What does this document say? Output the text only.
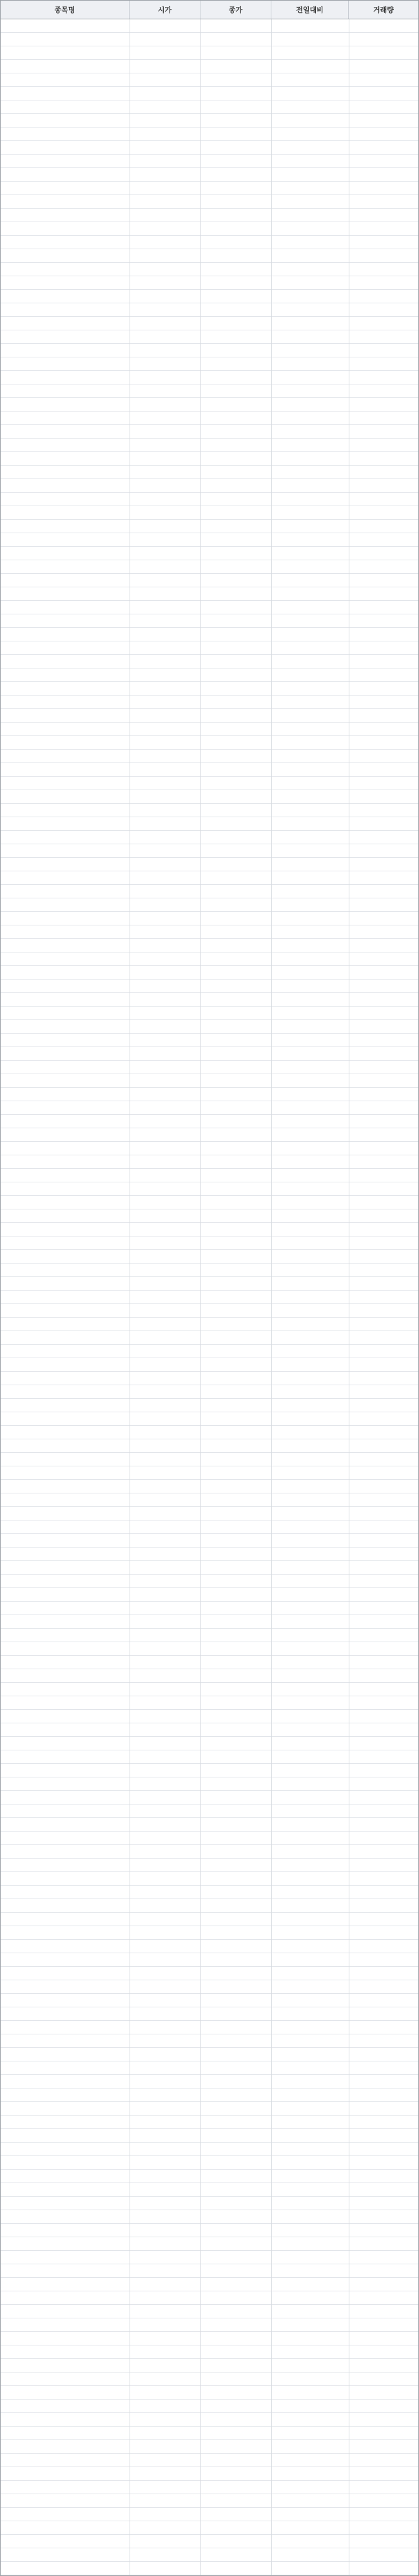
종목명	시가	종가	전일대비	거래량
